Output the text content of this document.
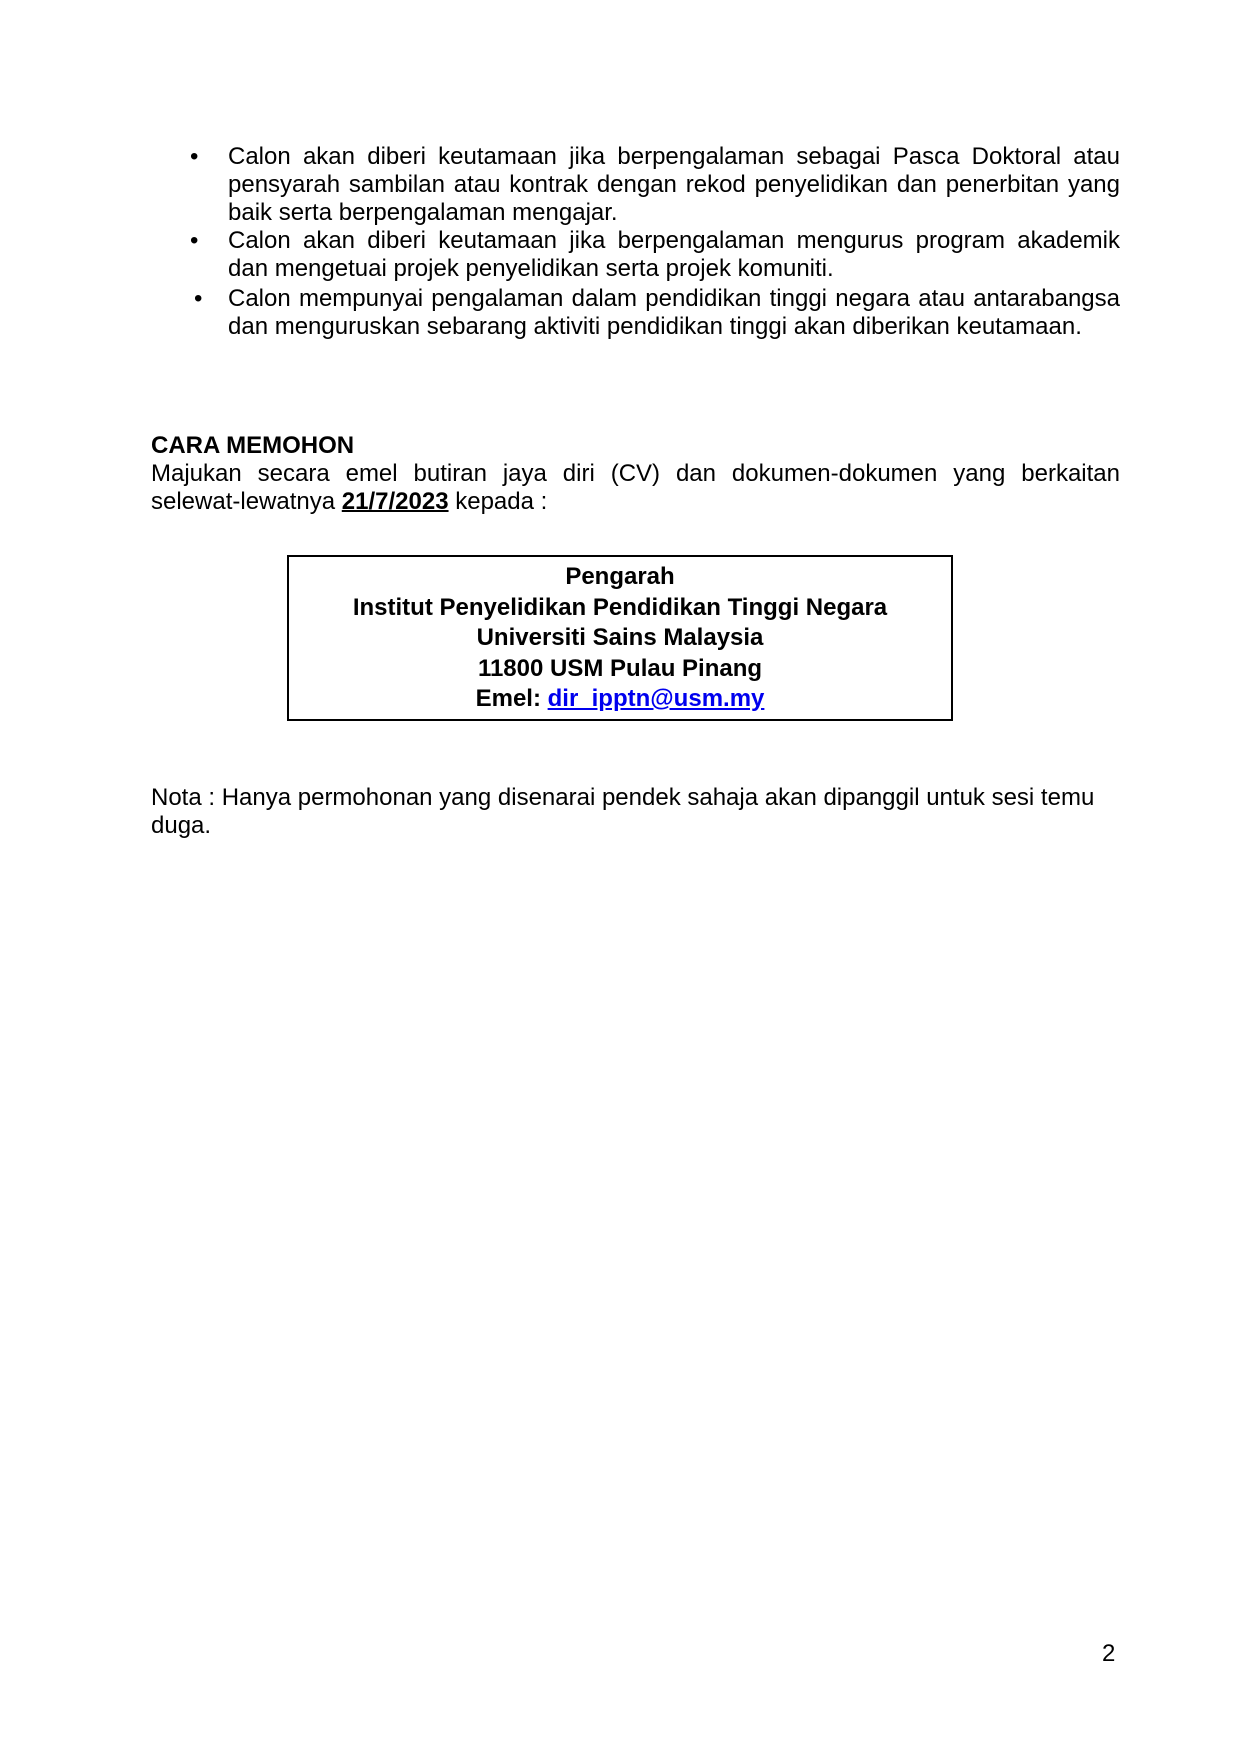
• Calon akan diberi keutamaan jika berpengalaman sebagai Pasca Doktoral atau pensyarah sambilan atau kontrak dengan rekod penyelidikan dan penerbitan yang baik serta berpengalaman mengajar.
• Calon akan diberi keutamaan jika berpengalaman mengurus program akademik dan mengetuai projek penyelidikan serta projek komuniti.
• Calon mempunyai pengalaman dalam pendidikan tinggi negara atau antarabangsa dan menguruskan sebarang aktiviti pendidikan tinggi akan diberikan keutamaan.
CARA MEMOHON
Majukan secara emel butiran jaya diri (CV) dan dokumen-dokumen yang berkaitan selewat-lewatnya 21/7/2023 kepada :
Pengarah
Institut Penyelidikan Pendidikan Tinggi Negara
Universiti Sains Malaysia
11800 USM Pulau Pinang
Emel: dir_ipptn@usm.my
Nota : Hanya permohonan yang disenarai pendek sahaja akan dipanggil untuk sesi temu duga.
2
